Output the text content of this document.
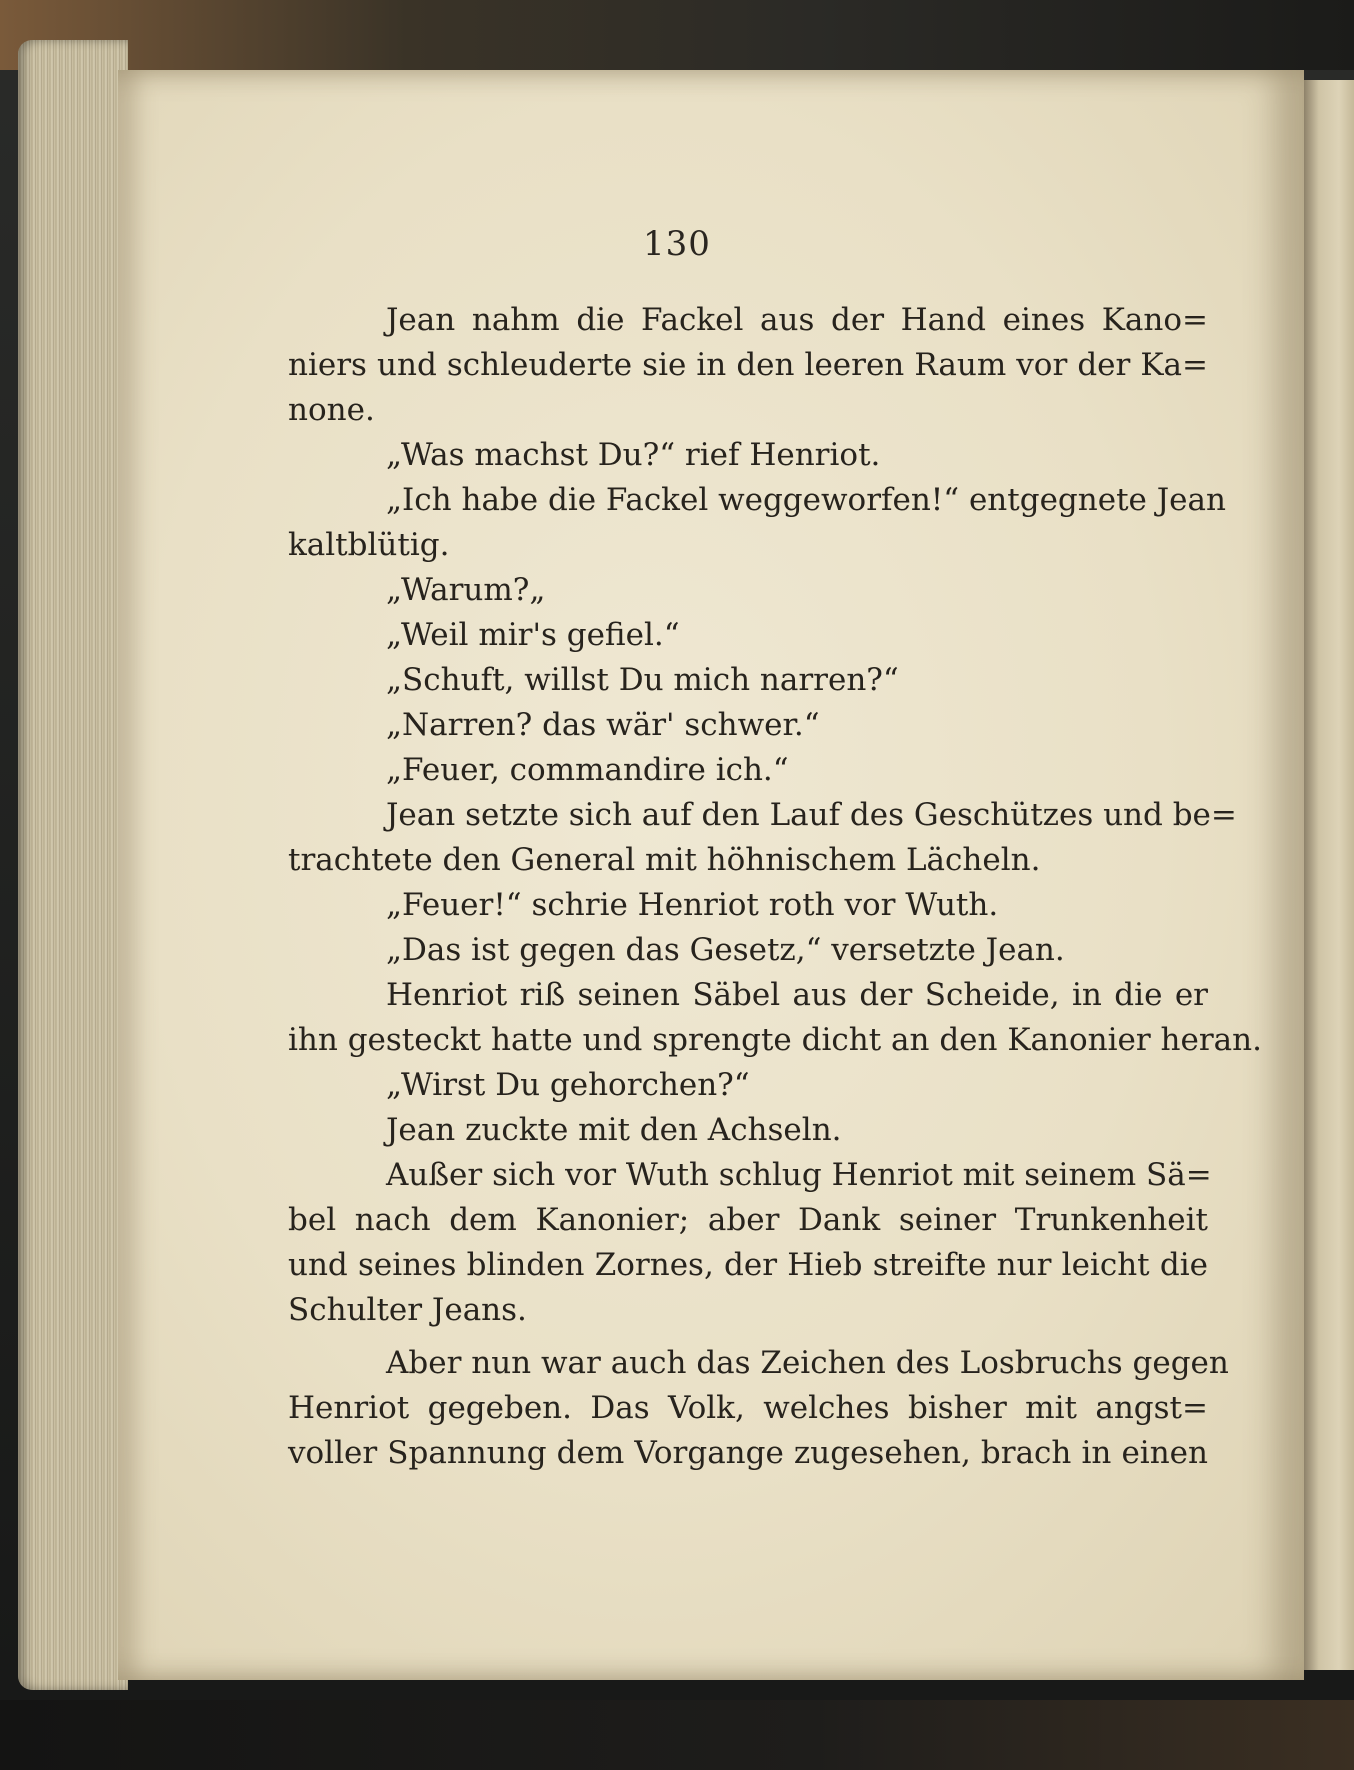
130
Jean nahm die Fackel aus der Hand eines Kano=
niers und schleuderte sie in den leeren Raum vor der Ka=
none.
„Was machst Du?“ rief Henriot.
„Ich habe die Fackel weggeworfen!“ entgegnete Jean
kaltblütig.
„Warum?„
„Weil mir's gefiel.“
„Schuft, willst Du mich narren?“
„Narren? das wär' schwer.“
„Feuer, commandire ich.“
Jean setzte sich auf den Lauf des Geschützes und be=
trachtete den General mit höhnischem Lächeln.
„Feuer!“ schrie Henriot roth vor Wuth.
„Das ist gegen das Gesetz,“ versetzte Jean.
Henriot riß seinen Säbel aus der Scheide, in die er
ihn gesteckt hatte und sprengte dicht an den Kanonier heran.
„Wirst Du gehorchen?“
Jean zuckte mit den Achseln.
Außer sich vor Wuth schlug Henriot mit seinem Sä=
bel nach dem Kanonier; aber Dank seiner Trunkenheit
und seines blinden Zornes, der Hieb streifte nur leicht die
Schulter Jeans.
Aber nun war auch das Zeichen des Losbruchs gegen
Henriot gegeben. Das Volk, welches bisher mit angst=
voller Spannung dem Vorgange zugesehen, brach in einen
